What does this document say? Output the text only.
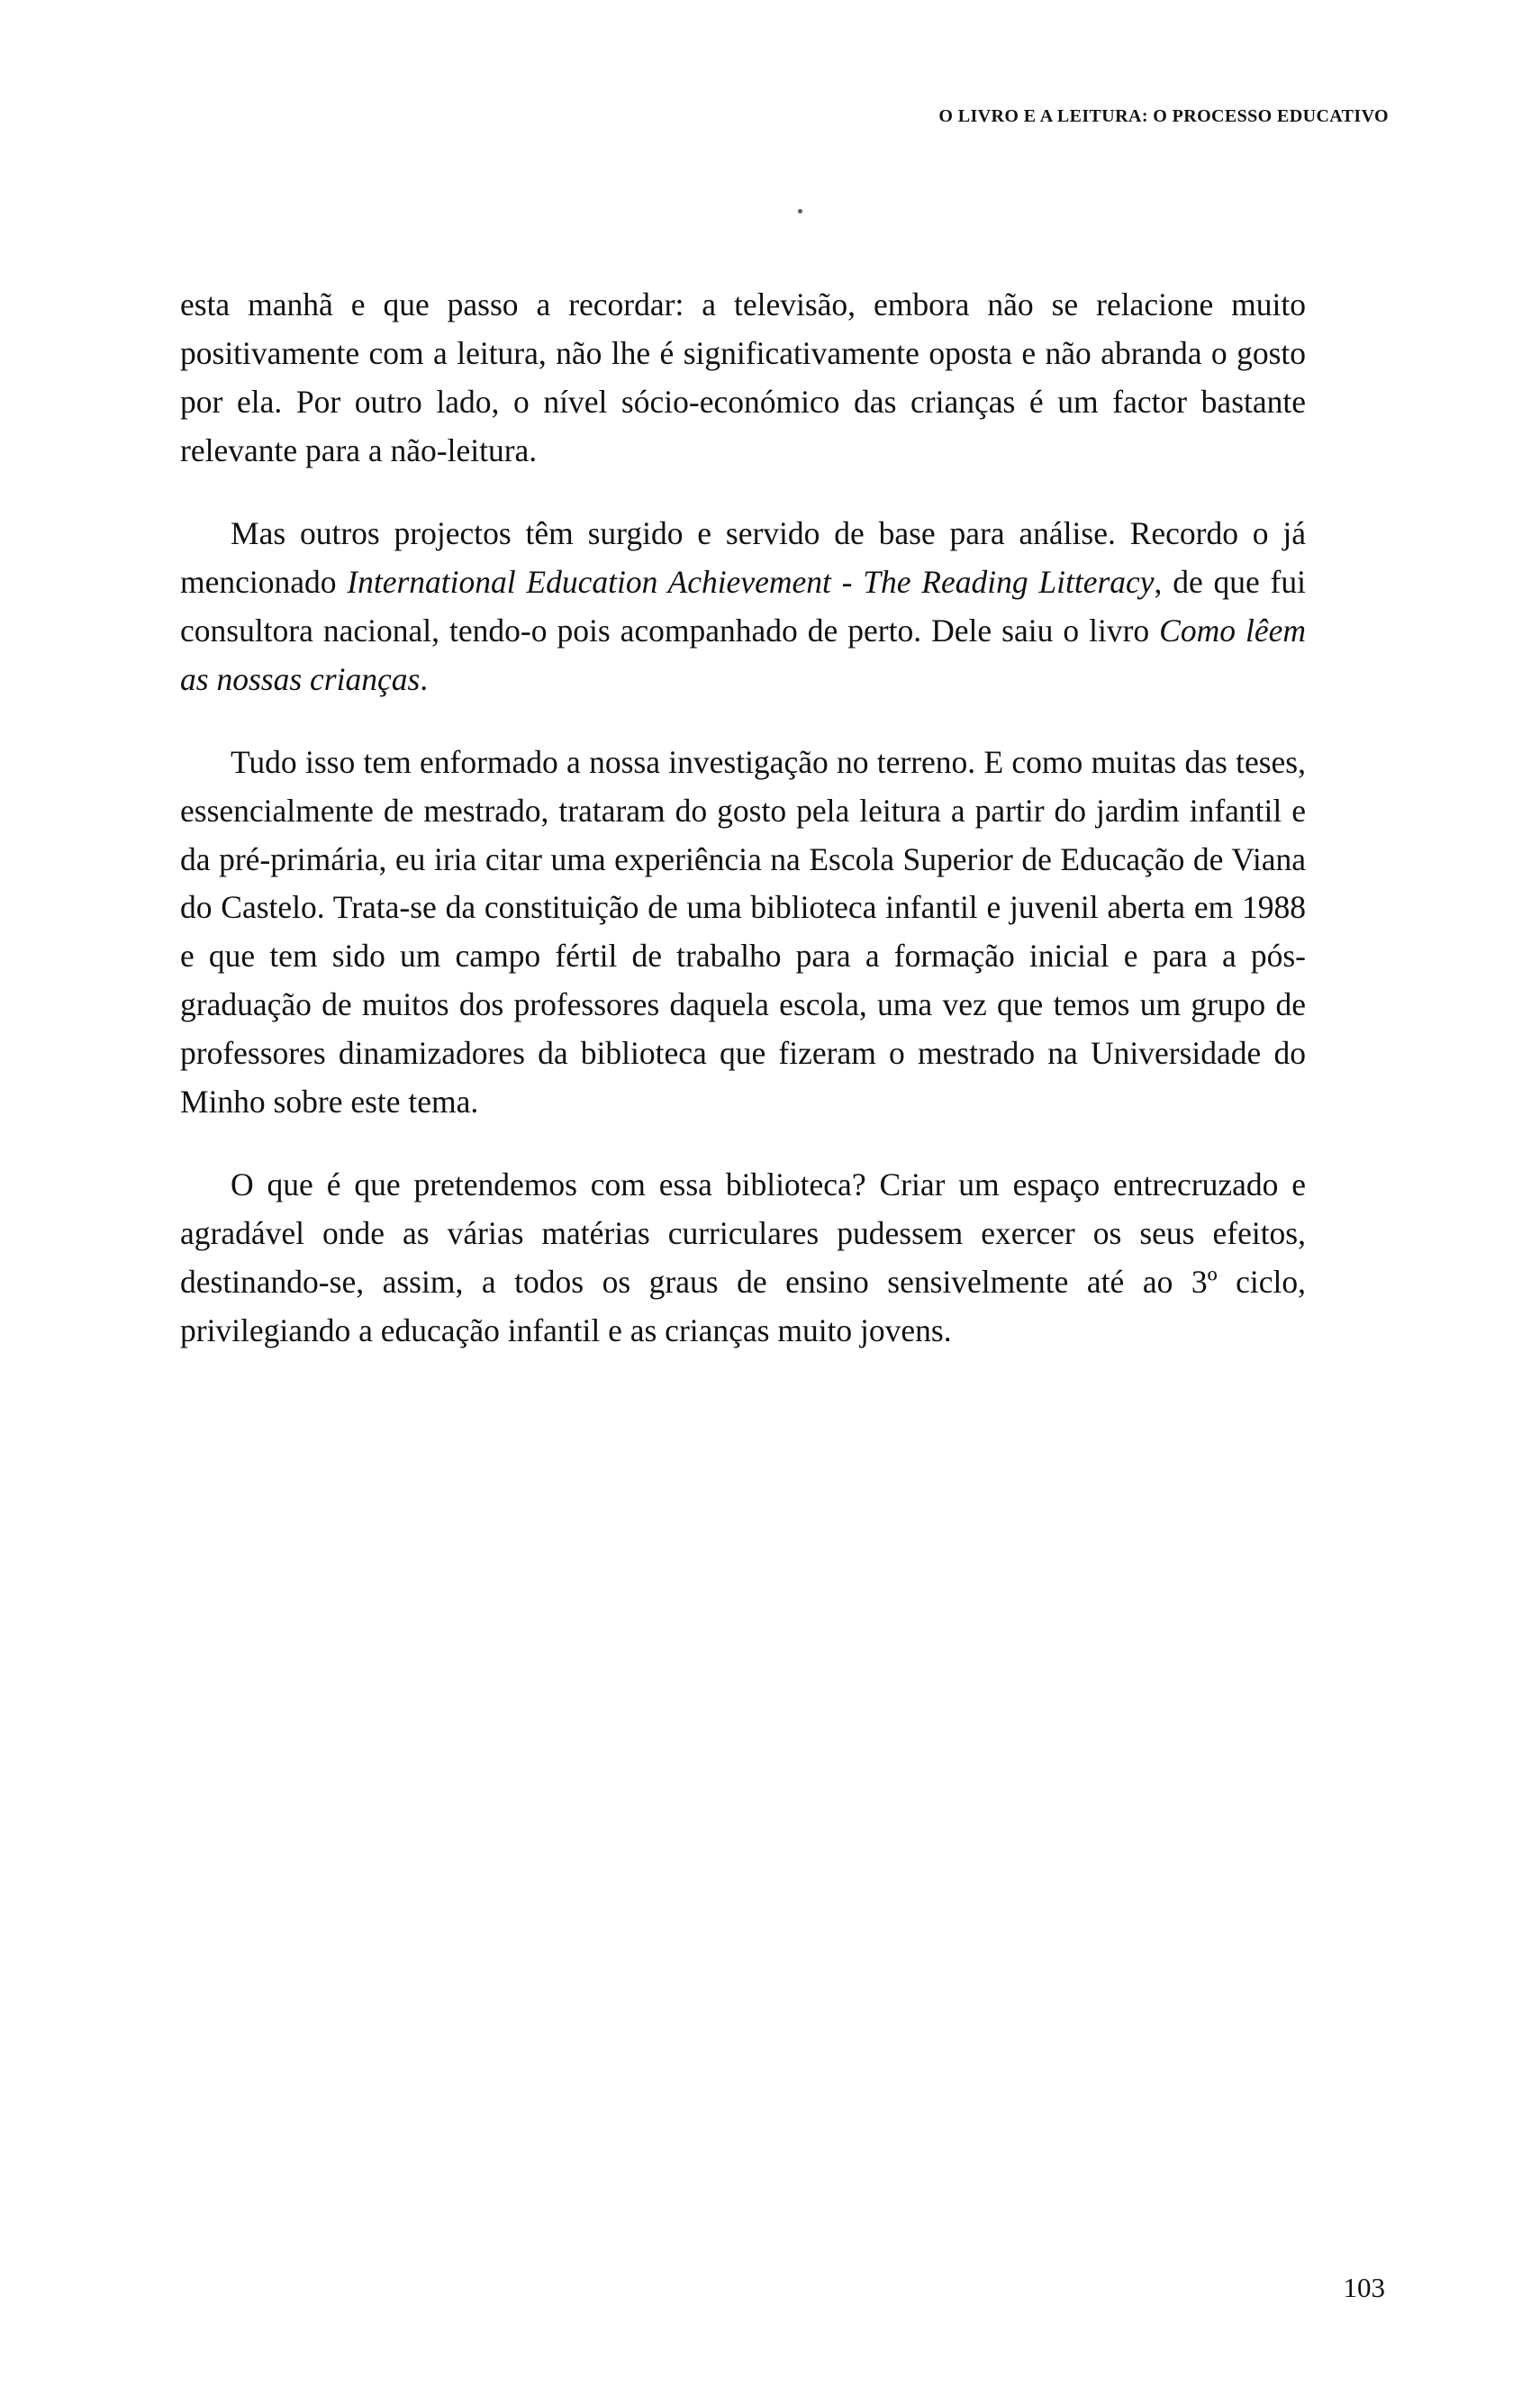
O LIVRO E A LEITURA: O PROCESSO EDUCATIVO

esta manhã e que passo a recordar: a televisão, embora não se relacione muito positivamente com a leitura, não lhe é significativamente oposta e não abranda o gosto por ela. Por outro lado, o nível sócio-económico das crianças é um factor bastante relevante para a não-leitura.

Mas outros projectos têm surgido e servido de base para análise. Recordo o já mencionado International Education Achievement - The Reading Litteracy, de que fui consultora nacional, tendo-o pois acompanhado de perto. Dele saiu o livro Como lêem as nossas crianças.

Tudo isso tem enformado a nossa investigação no terreno. E como muitas das teses, essencialmente de mestrado, trataram do gosto pela leitura a partir do jardim infantil e da pré-primária, eu iria citar uma experiência na Escola Superior de Educação de Viana do Castelo. Trata-se da constituição de uma biblioteca infantil e juvenil aberta em 1988 e que tem sido um campo fértil de trabalho para a formação inicial e para a pós-graduação de muitos dos professores daquela escola, uma vez que temos um grupo de professores dinamizadores da biblioteca que fizeram o mestrado na Universidade do Minho sobre este tema.

O que é que pretendemos com essa biblioteca? Criar um espaço entrecruzado e agradável onde as várias matérias curriculares pudessem exercer os seus efeitos, destinando-se, assim, a todos os graus de ensino sensivelmente até ao 3º ciclo, privilegiando a educação infantil e as crianças muito jovens.

103
